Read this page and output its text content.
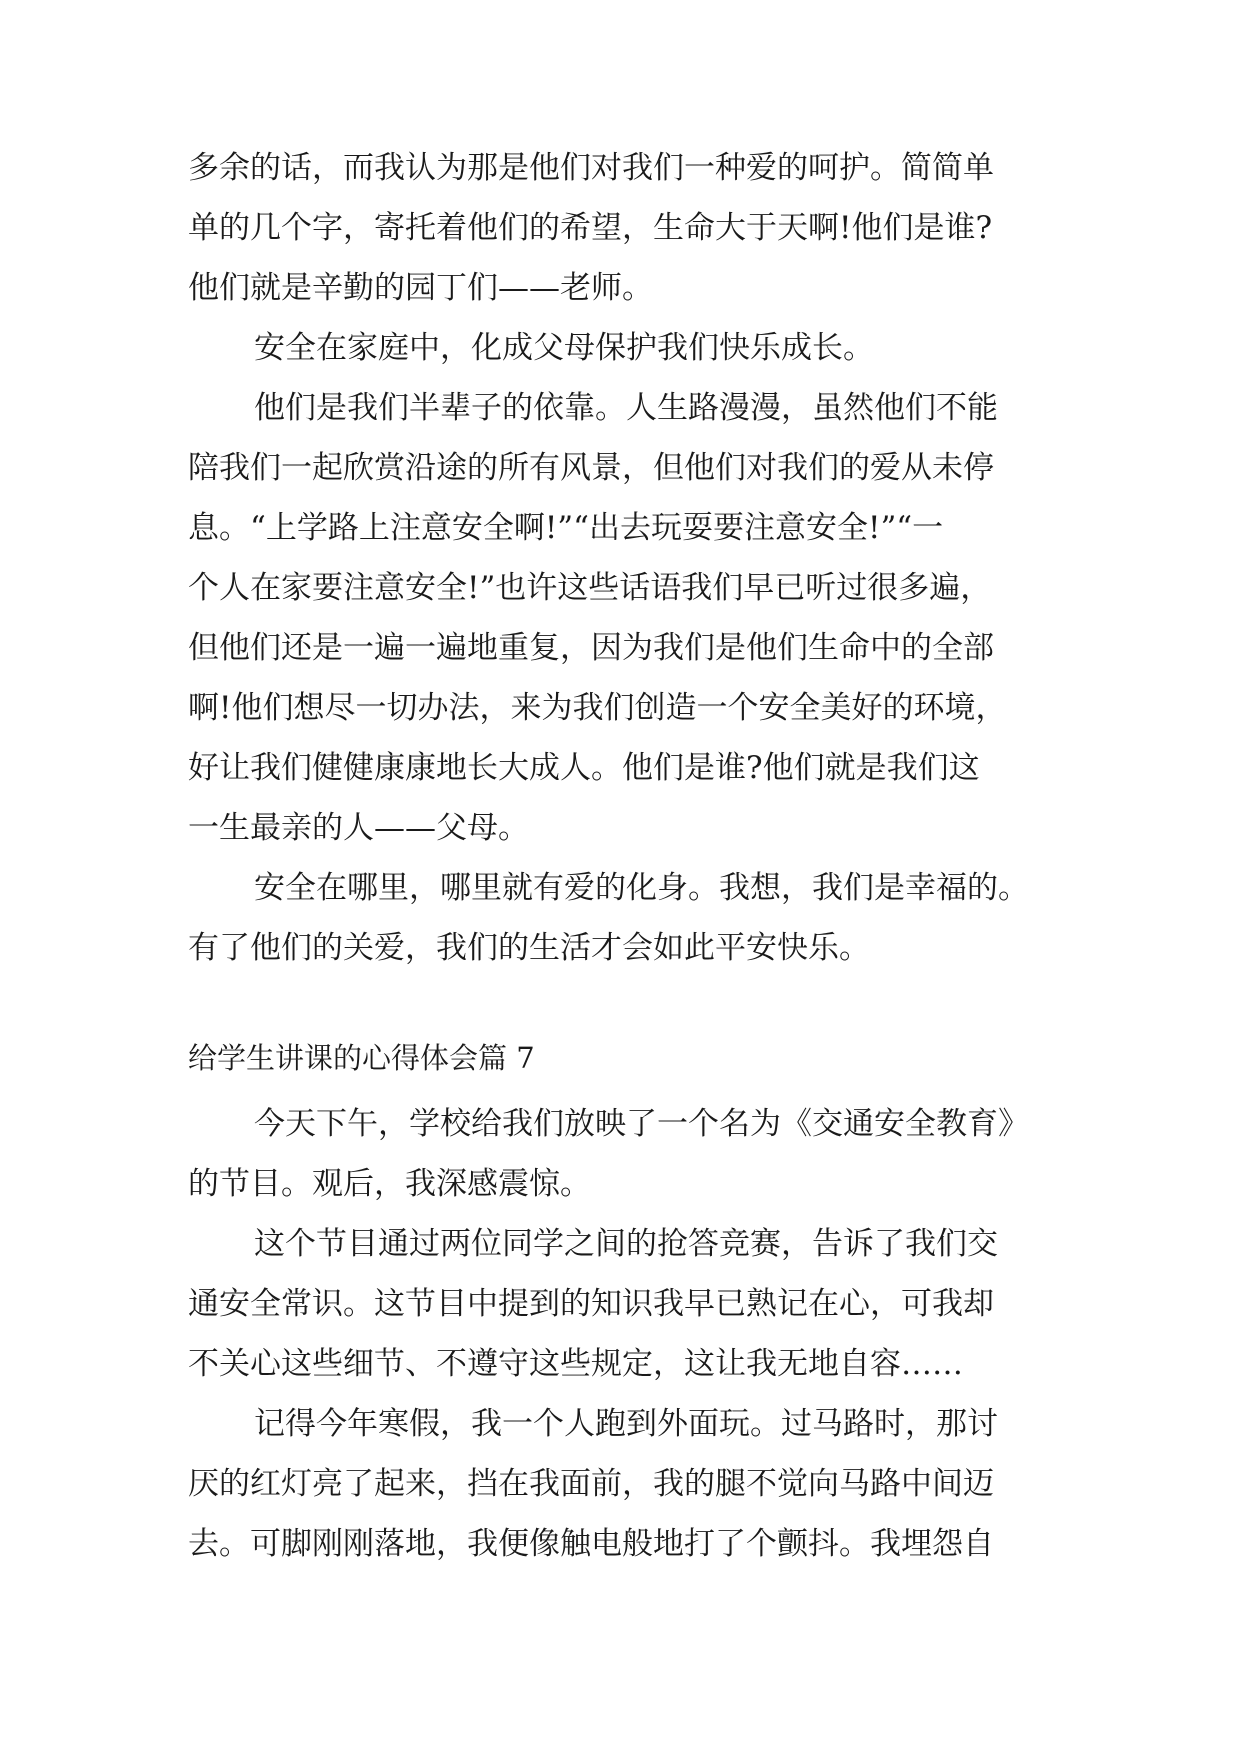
多余的话，而我认为那是他们对我们一种爱的呵护。简简单
单的几个字，寄托着他们的希望，生命大于天啊!他们是谁?
他们就是辛勤的园丁们——老师。
安全在家庭中，化成父母保护我们快乐成长。
他们是我们半辈子的依靠。人生路漫漫，虽然他们不能
陪我们一起欣赏沿途的所有风景，但他们对我们的爱从未停
息。“上学路上注意安全啊!”“出去玩耍要注意安全!”“一
个人在家要注意安全!”也许这些话语我们早已听过很多遍，
但他们还是一遍一遍地重复，因为我们是他们生命中的全部
啊!他们想尽一切办法，来为我们创造一个安全美好的环境，
好让我们健健康康地长大成人。他们是谁?他们就是我们这
一生最亲的人——父母。
安全在哪里，哪里就有爱的化身。我想，我们是幸福的。
有了他们的关爱，我们的生活才会如此平安快乐。
给学生讲课的心得体会篇 7
今天下午，学校给我们放映了一个名为《交通安全教育》
的节目。观后，我深感震惊。
这个节目通过两位同学之间的抢答竞赛，告诉了我们交
通安全常识。这节目中提到的知识我早已熟记在心，可我却
不关心这些细节、不遵守这些规定，这让我无地自容……
记得今年寒假，我一个人跑到外面玩。过马路时，那讨
厌的红灯亮了起来，挡在我面前，我的腿不觉向马路中间迈
去。可脚刚刚落地，我便像触电般地打了个颤抖。我埋怨自
